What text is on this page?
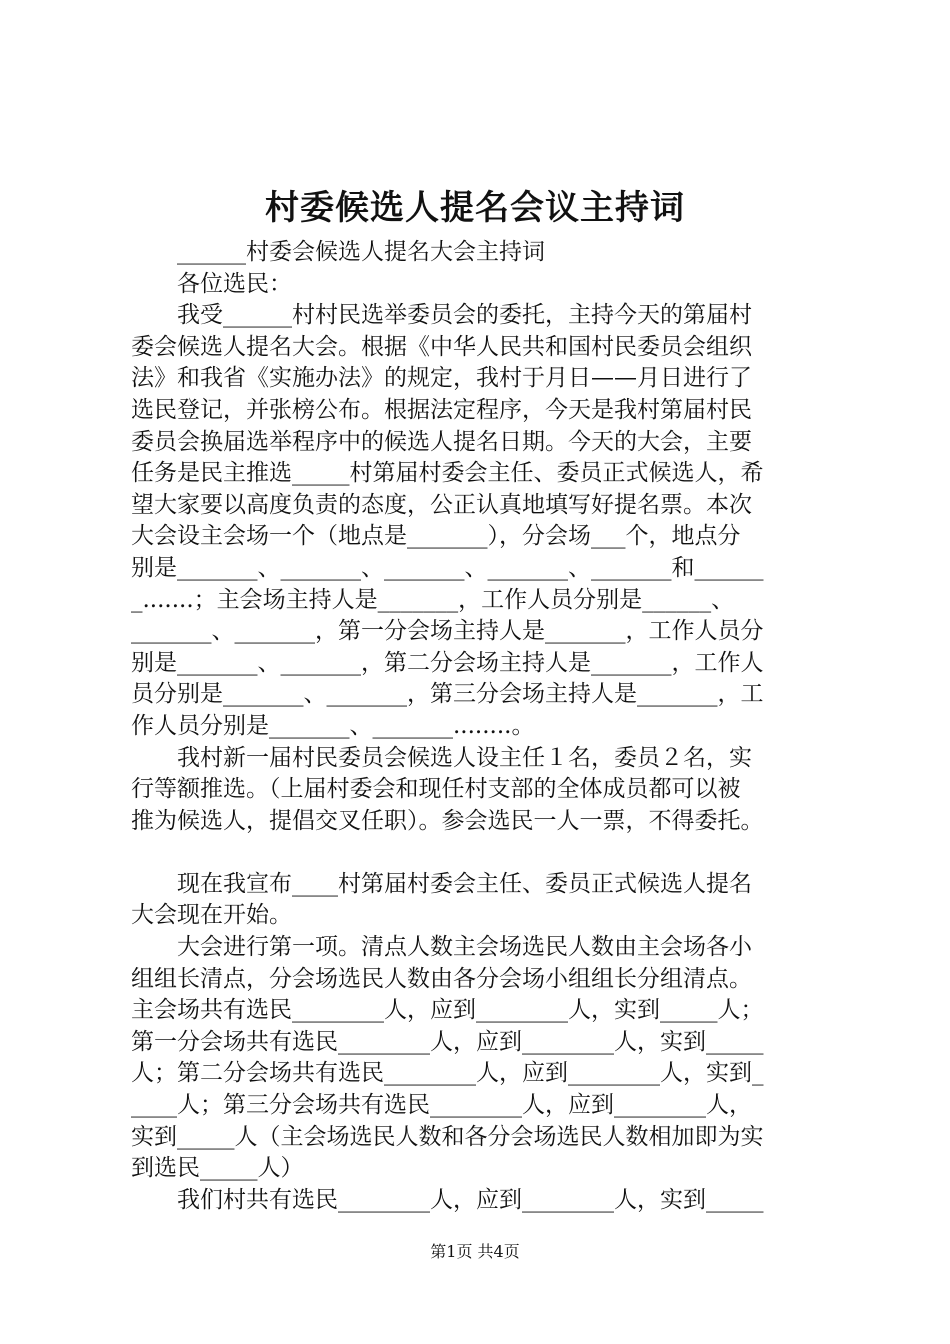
村委候选人提名会议主持词
　　______村委会候选人提名大会主持词
　　各位选民：
　　我受______村村民选举委员会的委托，主持今天的第届村
委会候选人提名大会。根据《中华人民共和国村民委员会组织
法》和我省《实施办法》的规定，我村于月日——月日进行了
选民登记，并张榜公布。根据法定程序，今天是我村第届村民
委员会换届选举程序中的候选人提名日期。今天的大会，主要
任务是民主推选_____村第届村委会主任、委员正式候选人，希
望大家要以高度负责的态度，公正认真地填写好提名票。本次
大会设主会场一个（地点是_______），分会场___个，地点分
别是_______、_______、_______、_______、_______和______
_.......；主会场主持人是_______，工作人员分别是______、
_______、_______，第一分会场主持人是_______，工作人员分
别是_______、_______，第二分会场主持人是_______，工作人
员分别是_______、_______，第三分会场主持人是_______，工
作人员分别是_______、_______........。
　　我村新一届村民委员会候选人设主任１名，委员２名，实
行等额推选。（上届村委会和现任村支部的全体成员都可以被
推为候选人，提倡交叉任职）。参会选民一人一票，不得委托。
　　现在我宣布____村第届村委会主任、委员正式候选人提名
大会现在开始。
　　大会进行第一项。清点人数主会场选民人数由主会场各小
组组长清点，分会场选民人数由各分会场小组组长分组清点。
主会场共有选民________人，应到________人，实到_____人；
第一分会场共有选民________人，应到________人，实到_____
人；第二分会场共有选民________人，应到________人，实到_
____人；第三分会场共有选民________人，应到________人，
实到_____人（主会场选民人数和各分会场选民人数相加即为实
到选民_____人）
　　我们村共有选民________人，应到________人，实到_____
第1页 共4页
